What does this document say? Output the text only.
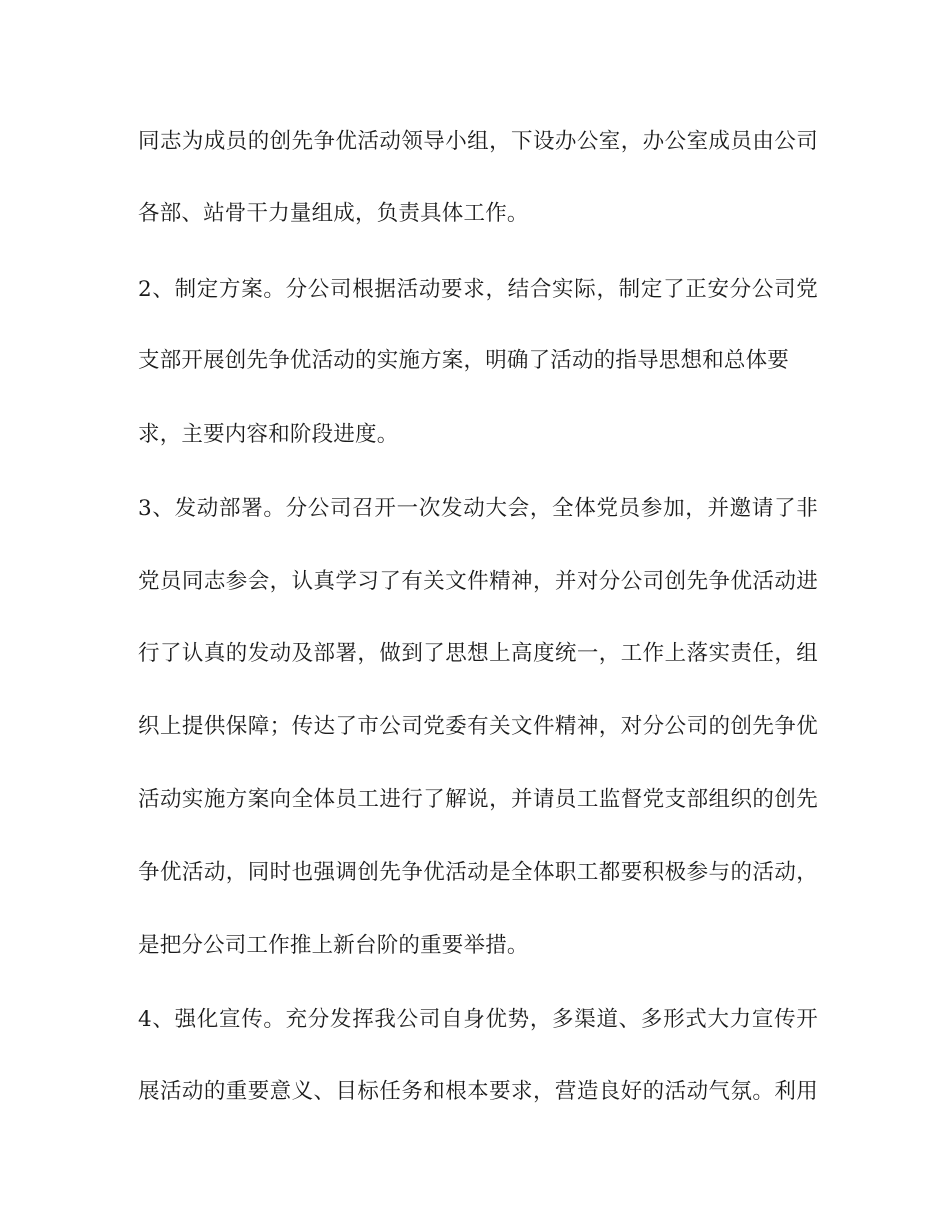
同志为成员的创先争优活动领导小组，下设办公室，办公室成员由公司
各部、站骨干力量组成，负责具体工作。
2、制定方案。分公司根据活动要求，结合实际，制定了正安分公司党
支部开展创先争优活动的实施方案，明确了活动的指导思想和总体要
求，主要内容和阶段进度。
3、发动部署。分公司召开一次发动大会，全体党员参加，并邀请了非
党员同志参会，认真学习了有关文件精神，并对分公司创先争优活动进
行了认真的发动及部署，做到了思想上高度统一，工作上落实责任，组
织上提供保障；传达了市公司党委有关文件精神，对分公司的创先争优
活动实施方案向全体员工进行了解说，并请员工监督党支部组织的创先
争优活动，同时也强调创先争优活动是全体职工都要积极参与的活动，
是把分公司工作推上新台阶的重要举措。
4、强化宣传。充分发挥我公司自身优势，多渠道、多形式大力宣传开
展活动的重要意义、目标任务和根本要求，营造良好的活动气氛。利用
